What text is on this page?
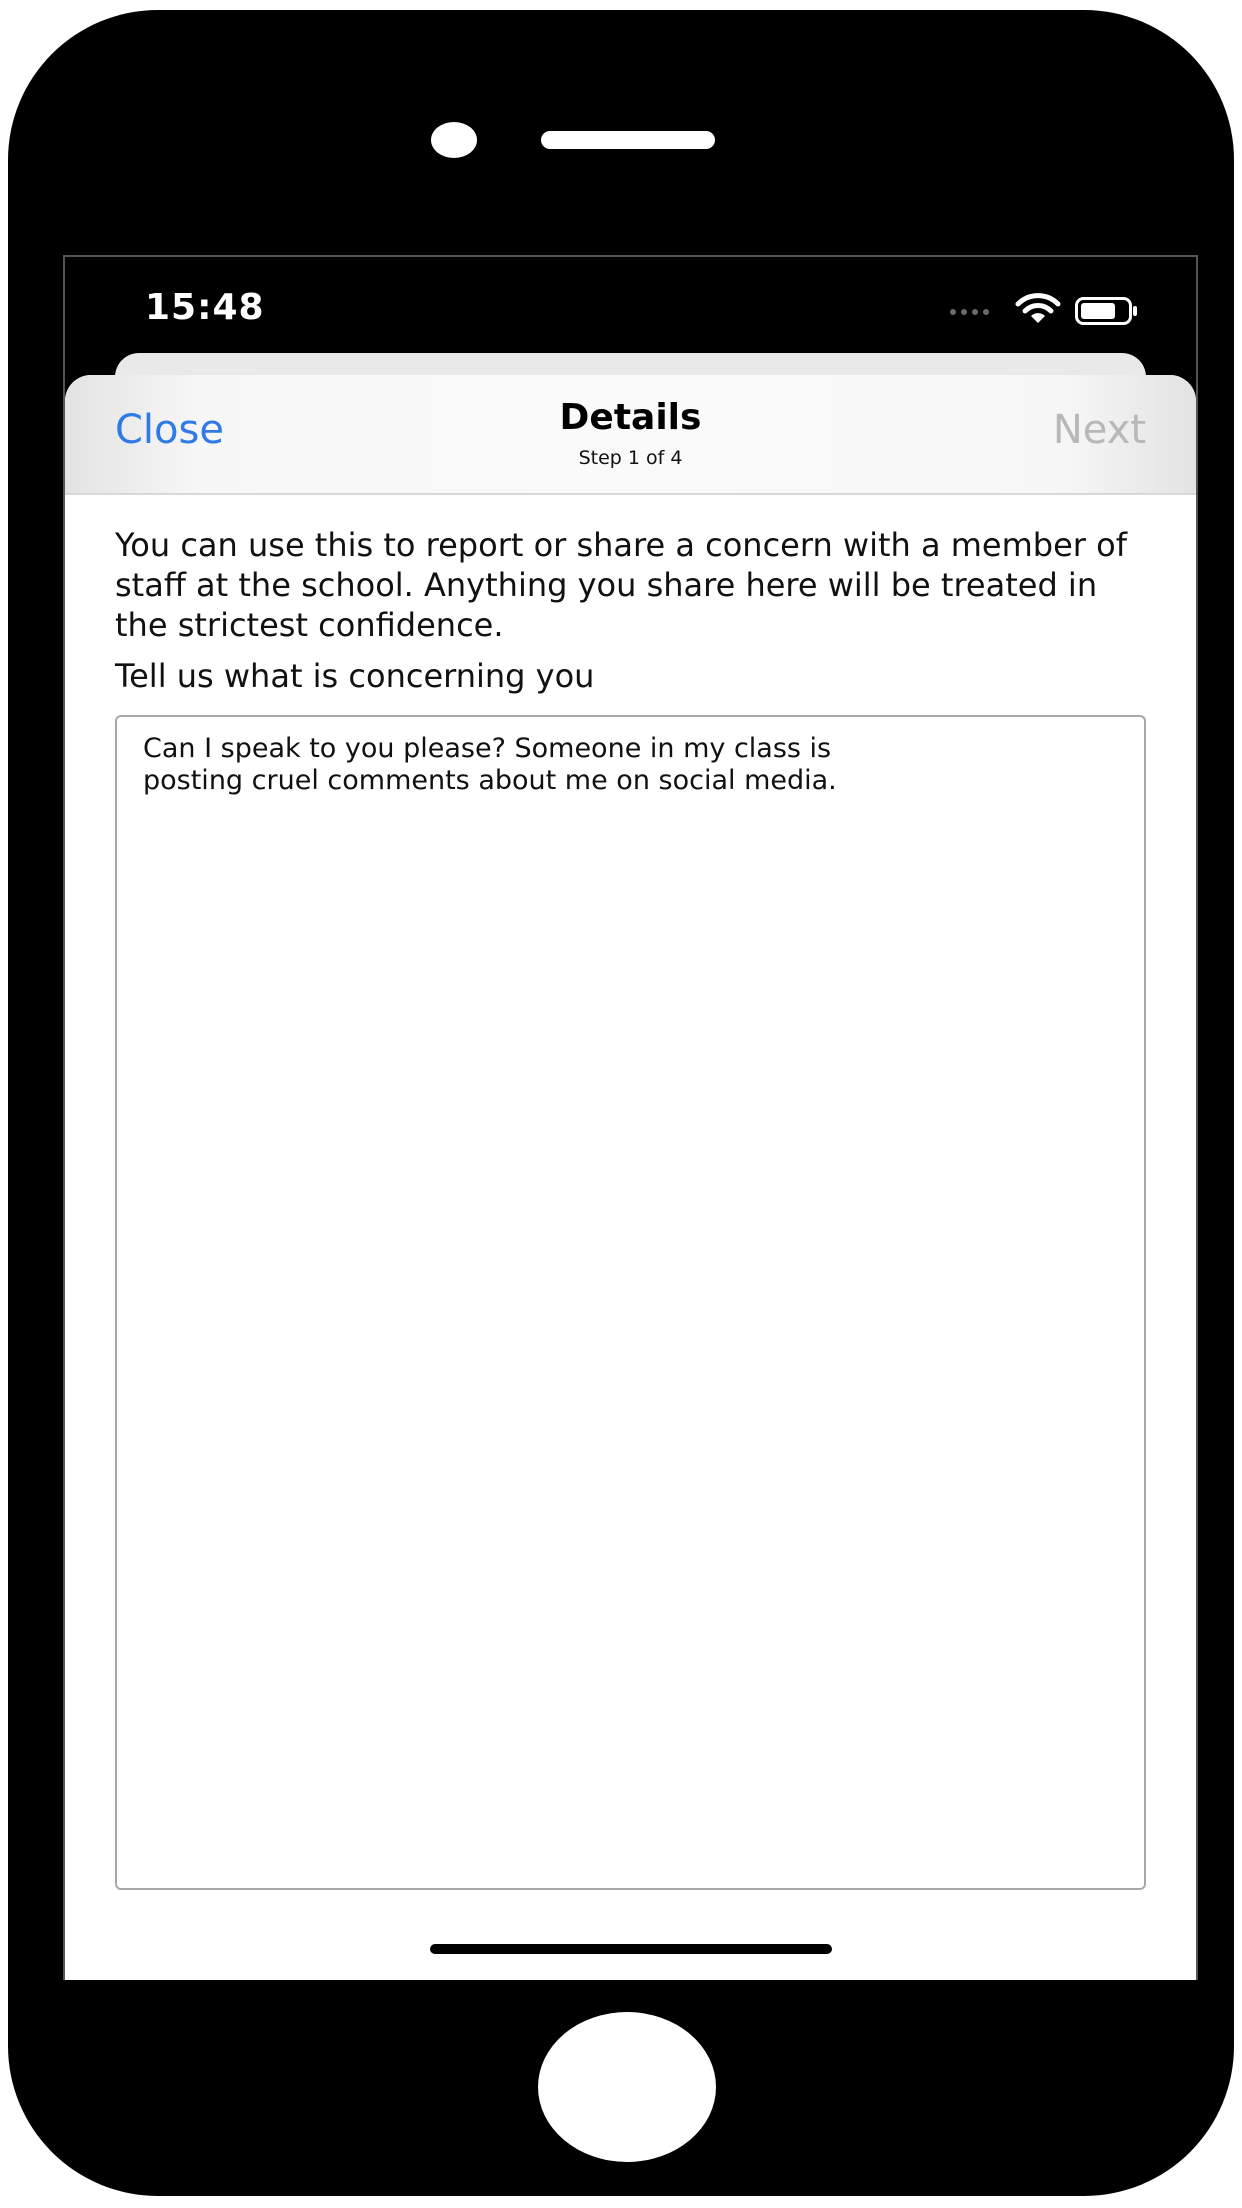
15:48
Close	Details
Step 1 of 4
Next
You can use this to report or share a concern with a member of staff at the school. Anything you share here will be treated in the strictest confidence.
Tell us what is concerning you
Can I speak to you please? Someone in my class is
posting cruel comments about me on social media.
